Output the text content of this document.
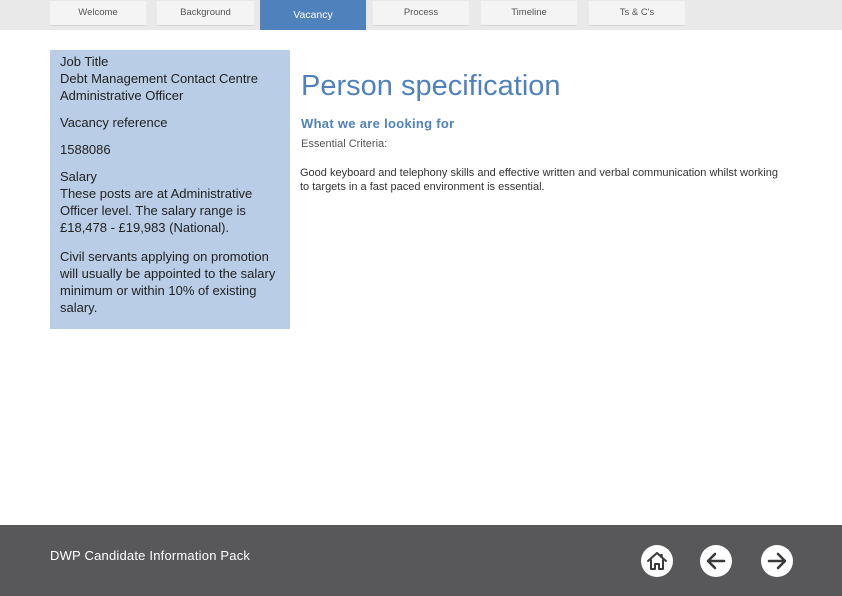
Welcome	Background	Vacancy	Process	Timeline	Ts & C's

Job Title

Debt Management Contact Centre Administrative Officer

Vacancy reference

1588086

Salary

These posts are at Administrative Officer level. The salary range is £18,478 - £19,983 (National).

Civil servants applying on promotion will usually be appointed to the salary minimum or within 10% of existing salary.

Person specification
What we are looking for

Essential Criteria:

Good keyboard and telephony skills and effective written and verbal communication whilst working to targets in a fast paced environment is essential.

DWP Candidate Information Pack
